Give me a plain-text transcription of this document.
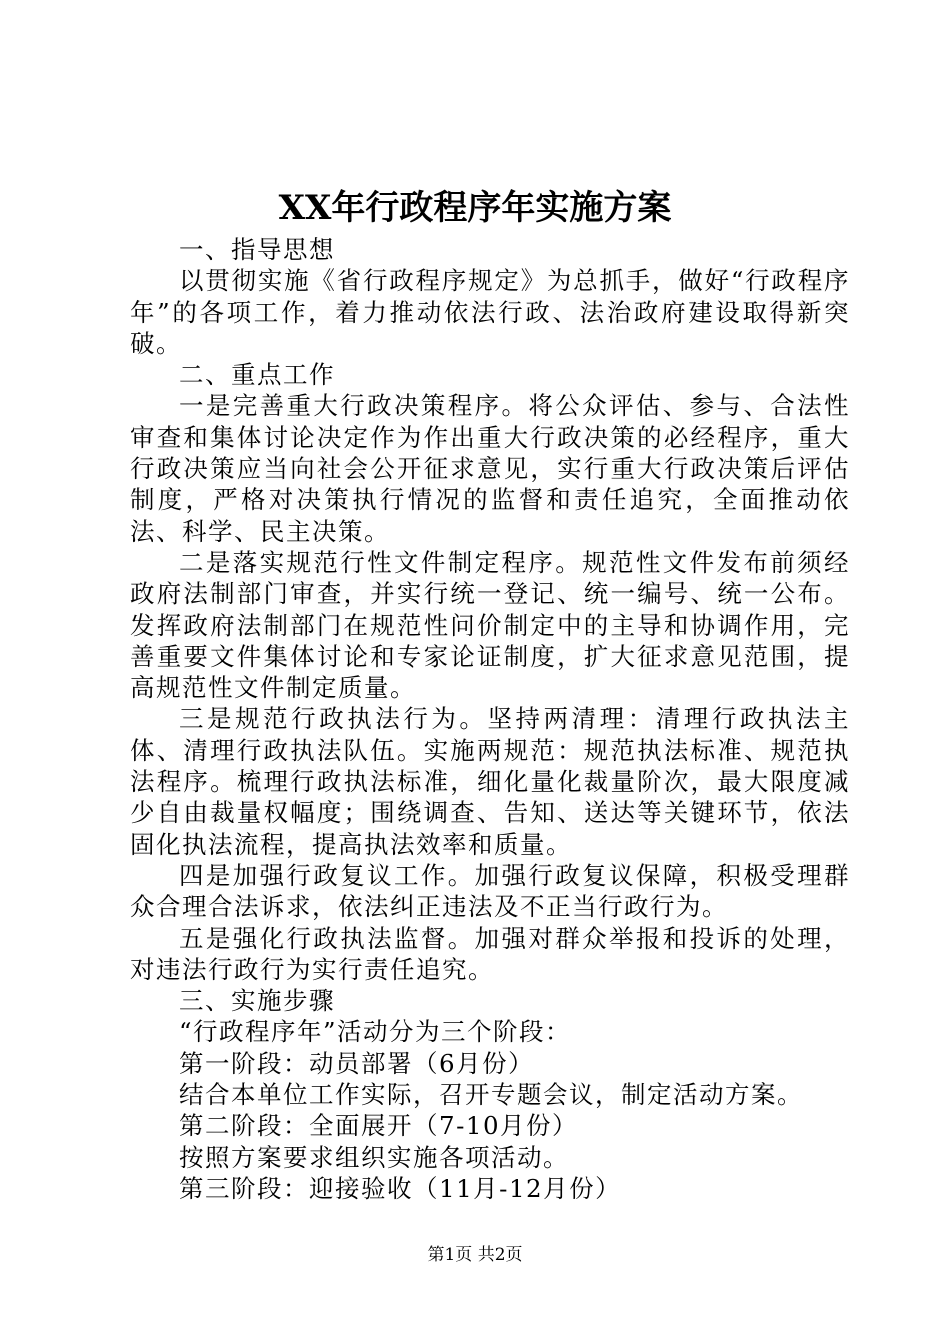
XX年行政程序年实施方案

一、指导思想

以贯彻实施《省行政程序规定》为总抓手，做好“行政程序年”的各项工作，着力推动依法行政、法治政府建设取得新突破。

二、重点工作

一是完善重大行政决策程序。将公众评估、参与、合法性审查和集体讨论决定作为作出重大行政决策的必经程序，重大行政决策应当向社会公开征求意见，实行重大行政决策后评估制度，严格对决策执行情况的监督和责任追究，全面推动依法、科学、民主决策。

二是落实规范行性文件制定程序。规范性文件发布前须经政府法制部门审查，并实行统一登记、统一编号、统一公布。发挥政府法制部门在规范性问价制定中的主导和协调作用，完善重要文件集体讨论和专家论证制度，扩大征求意见范围，提高规范性文件制定质量。

三是规范行政执法行为。坚持两清理：清理行政执法主体、清理行政执法队伍。实施两规范：规范执法标准、规范执法程序。梳理行政执法标准，细化量化裁量阶次，最大限度减少自由裁量权幅度；围绕调查、告知、送达等关键环节，依法固化执法流程，提高执法效率和质量。

四是加强行政复议工作。加强行政复议保障，积极受理群众合理合法诉求，依法纠正违法及不正当行政行为。

五是强化行政执法监督。加强对群众举报和投诉的处理，对违法行政行为实行责任追究。

三、实施步骤

“行政程序年”活动分为三个阶段：

第一阶段：动员部署（6月份）

结合本单位工作实际，召开专题会议，制定活动方案。

第二阶段：全面展开（7-10月份）

按照方案要求组织实施各项活动。

第三阶段：迎接验收（11月-12月份）

第1页 共2页
